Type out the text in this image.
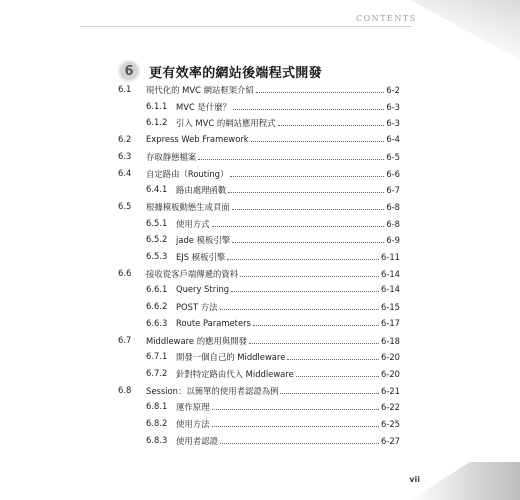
CONTENTS
6	更有效率的網站後端程式開發
6.1 現代化的 MVC 網站框架介紹	6-2
6.1.1 MVC 是什麼？	6-3
6.1.2 引入 MVC 的網站應用程式	6-3
6.2 Express Web Framework	6-4
6.3 存取靜態檔案	6-5
6.4 自定路由（Routing）	6-6
6.4.1 路由處理函數	6-7
6.5 根據模板動態生成頁面	6-8
6.5.1 使用方式	6-8
6.5.2 jade 模板引擎	6-9
6.5.3 EJS 模板引擎	6-11
6.6 接收從客戶端傳遞的資料	6-14
6.6.1 Query String	6-14
6.6.2 POST 方法	6-15
6.6.3 Route Parameters	6-17
6.7 Middleware 的應用與開發	6-18
6.7.1 開發一個自己的 Middleware	6-20
6.7.2 針對特定路由代入 Middleware	6-20
6.8 Session：以簡單的使用者認證為例	6-21
6.8.1 運作原理	6-22
6.8.2 使用方法	6-25
6.8.3 使用者認證	6-27
vii
